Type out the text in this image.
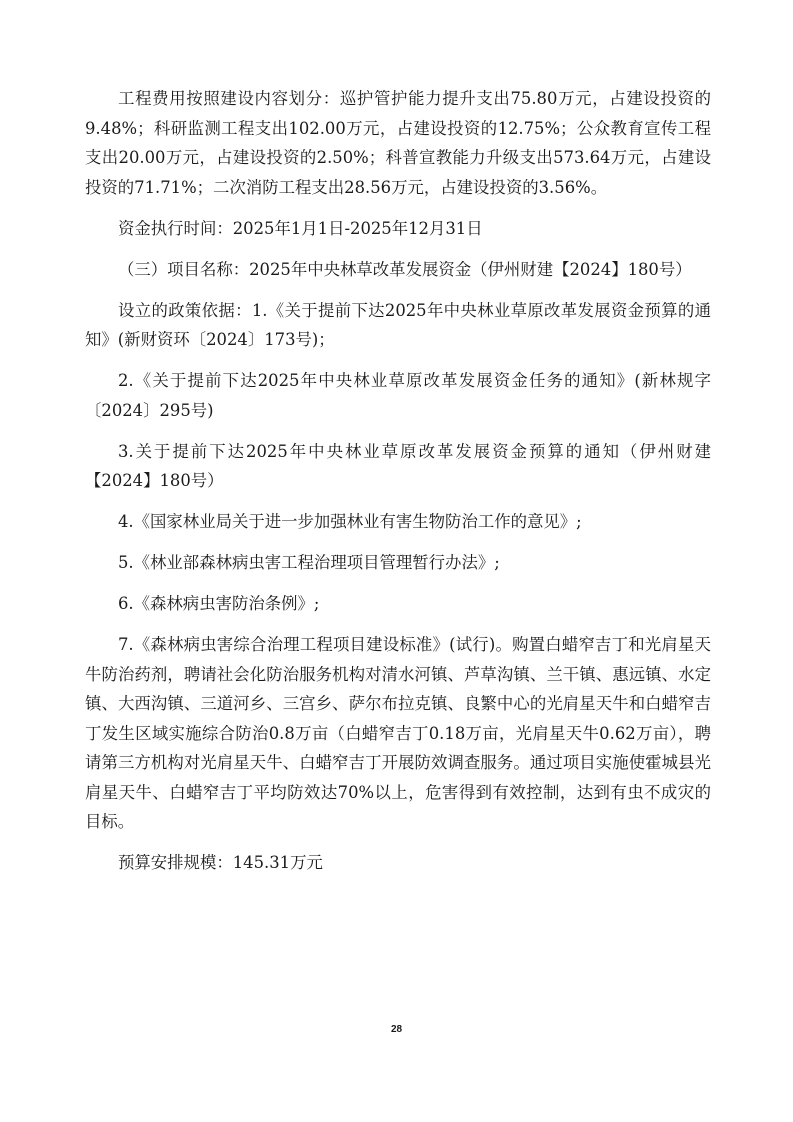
工程费用按照建设内容划分：巡护管护能力提升支出75.80万元，占建设投资的9.48%；科研监测工程支出102.00万元，占建设投资的12.75%；公众教育宣传工程支出20.00万元，占建设投资的2.50%；科普宣教能力升级支出573.64万元，占建设投资的71.71%；二次消防工程支出28.56万元，占建设投资的3.56%。

资金执行时间：2025年1月1日-2025年12月31日

（三）项目名称：2025年中央林草改革发展资金（伊州财建【2024】180号）

设立的政策依据：1.《关于提前下达2025年中央林业草原改革发展资金预算的通知》(新财资环〔2024〕173号)；

2.《关于提前下达2025年中央林业草原改革发展资金任务的通知》(新林规字〔2024〕295号)

3.关于提前下达2025年中央林业草原改革发展资金预算的通知（伊州财建【2024】180号）

4.《国家林业局关于进一步加强林业有害生物防治工作的意见》;

5.《林业部森林病虫害工程治理项目管理暂行办法》;

6.《森林病虫害防治条例》;

7.《森林病虫害综合治理工程项目建设标准》(试行)。购置白蜡窄吉丁和光肩星天牛防治药剂，聘请社会化防治服务机构对清水河镇、芦草沟镇、兰干镇、惠远镇、水定镇、大西沟镇、三道河乡、三宫乡、萨尔布拉克镇、良繁中心的光肩星天牛和白蜡窄吉丁发生区域实施综合防治0.8万亩（白蜡窄吉丁0.18万亩，光肩星天牛0.62万亩），聘请第三方机构对光肩星天牛、白蜡窄吉丁开展防效调查服务。通过项目实施使霍城县光肩星天牛、白蜡窄吉丁平均防效达70%以上，危害得到有效控制，达到有虫不成灾的目标。

预算安排规模：145.31万元

28
